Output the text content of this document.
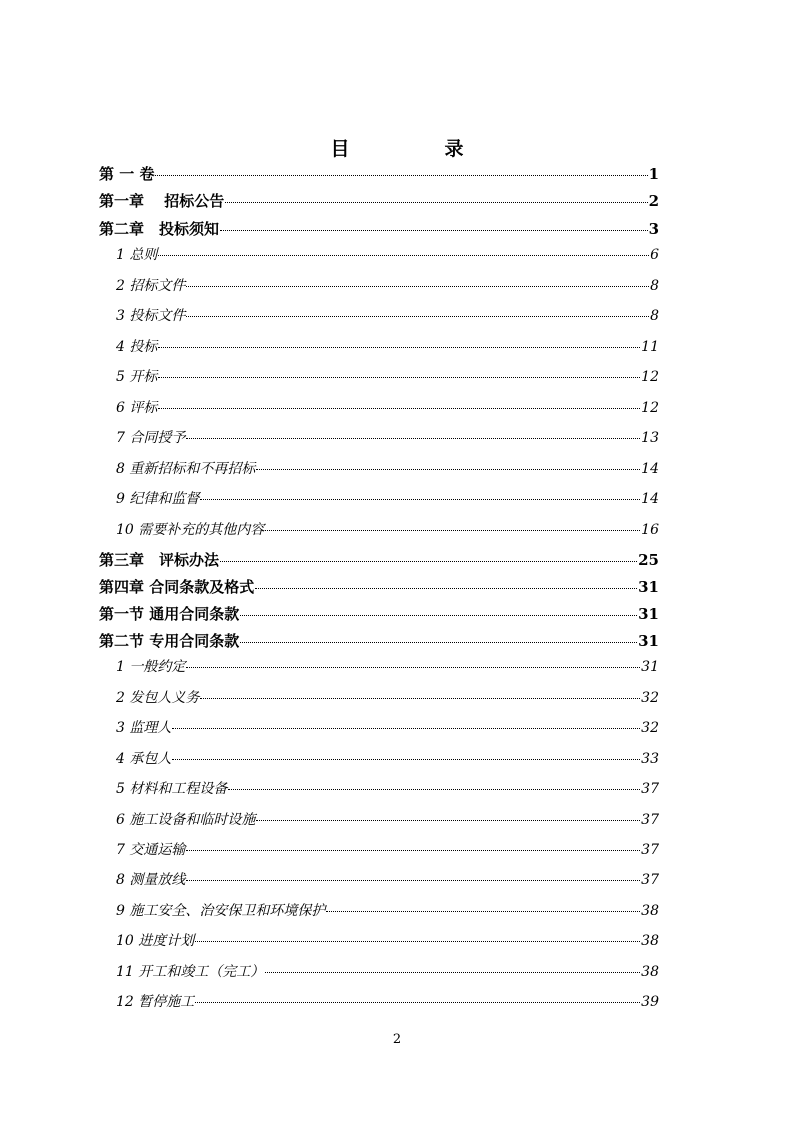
目　录
第 一 卷	1
第一章　 招标公告	2
第二章　投标须知	3
1 总则	6
2 招标文件	8
3 投标文件	8
4 投标	11
5 开标	12
6 评标	12
7 合同授予	13
8 重新招标和不再招标	14
9 纪律和监督	14
10 需要补充的其他内容	16
第三章　评标办法	25
第四章 合同条款及格式	31
第一节 通用合同条款	31
第二节 专用合同条款	31
1 一般约定	31
2 发包人义务	32
3 监理人	32
4 承包人	33
5 材料和工程设备	37
6 施工设备和临时设施	37
7 交通运输	37
8 测量放线	37
9 施工安全、治安保卫和环境保护	38
10 进度计划	38
11 开工和竣工（完工）	38
12 暂停施工	39
2
